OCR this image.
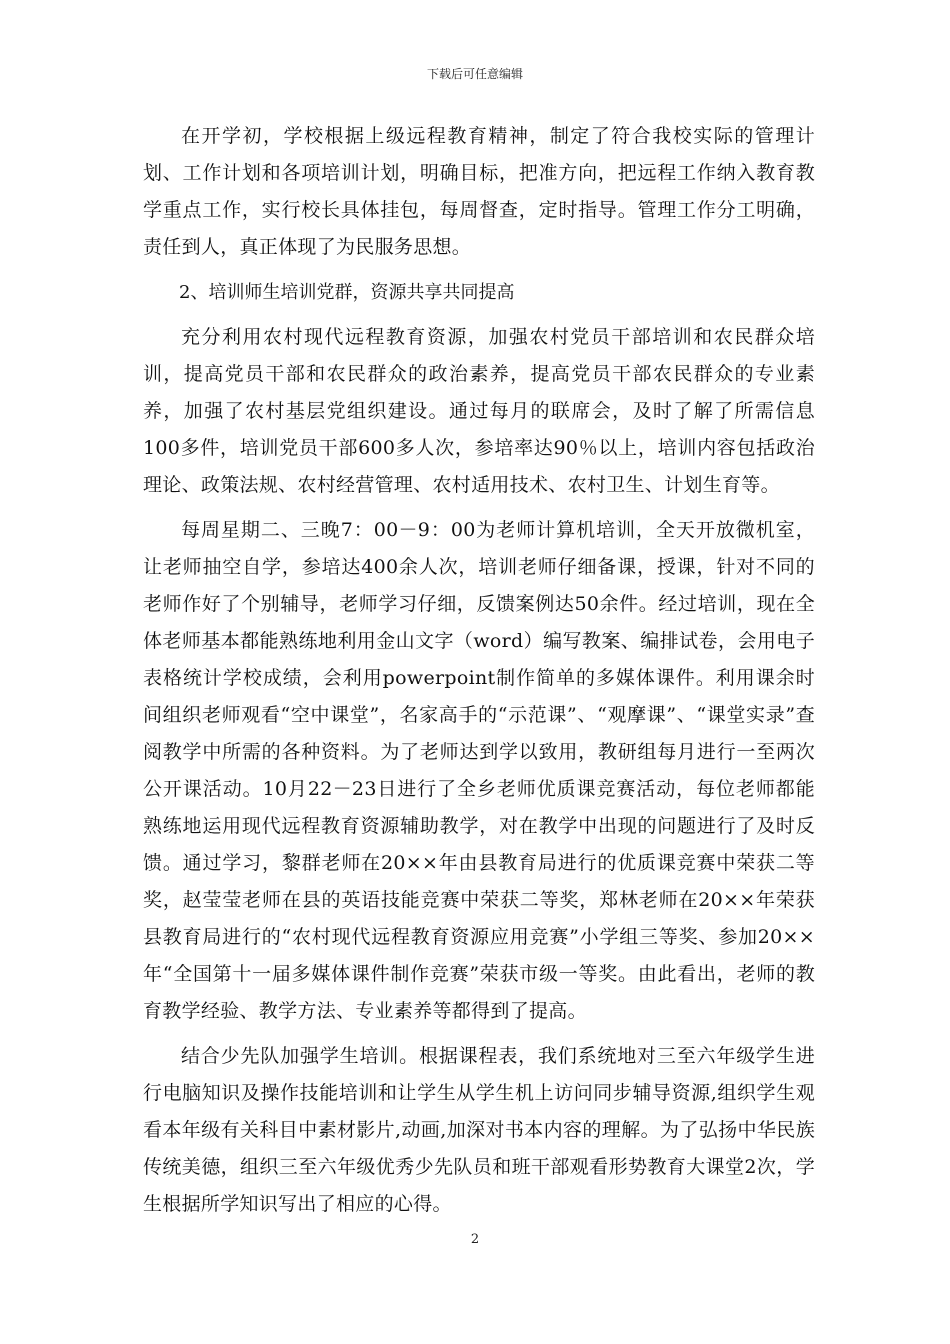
下载后可任意编辑

在开学初，学校根据上级远程教育精神，制定了符合我校实际的管理计划、工作计划和各项培训计划，明确目标，把准方向，把远程工作纳入教育教学重点工作，实行校长具体挂包，每周督查，定时指导。管理工作分工明确，责任到人，真正体现了为民服务思想。

2、培训师生培训党群，资源共享共同提高

充分利用农村现代远程教育资源，加强农村党员干部培训和农民群众培训，提高党员干部和农民群众的政治素养，提高党员干部农民群众的专业素养，加强了农村基层党组织建设。通过每月的联席会，及时了解了所需信息100多件，培训党员干部600多人次，参培率达90％以上，培训内容包括政治理论、政策法规、农村经营管理、农村适用技术、农村卫生、计划生育等。

每周星期二、三晚7：00－9：00为老师计算机培训，全天开放微机室，让老师抽空自学，参培达400余人次，培训老师仔细备课，授课，针对不同的老师作好了个别辅导，老师学习仔细，反馈案例达50余件。经过培训，现在全体老师基本都能熟练地利用金山文字（word）编写教案、编排试卷，会用电子表格统计学校成绩，会利用powerpoint制作简单的多媒体课件。利用课余时间组织老师观看“空中课堂”，名家高手的“示范课”、“观摩课”、“课堂实录”查阅教学中所需的各种资料。为了老师达到学以致用，教研组每月进行一至两次公开课活动。10月22－23日进行了全乡老师优质课竞赛活动，每位老师都能熟练地运用现代远程教育资源辅助教学，对在教学中出现的问题进行了及时反馈。通过学习，黎群老师在20××年由县教育局进行的优质课竞赛中荣获二等奖，赵莹莹老师在县的英语技能竞赛中荣获二等奖，郑林老师在20××年荣获县教育局进行的“农村现代远程教育资源应用竞赛”小学组三等奖、参加20××年“全国第十一届多媒体课件制作竞赛”荣获市级一等奖。由此看出，老师的教育教学经验、教学方法、专业素养等都得到了提高。

结合少先队加强学生培训。根据课程表，我们系统地对三至六年级学生进行电脑知识及操作技能培训和让学生从学生机上访问同步辅导资源,组织学生观看本年级有关科目中素材影片,动画,加深对书本内容的理解。为了弘扬中华民族传统美德，组织三至六年级优秀少先队员和班干部观看形势教育大课堂2次，学生根据所学知识写出了相应的心得。

2
